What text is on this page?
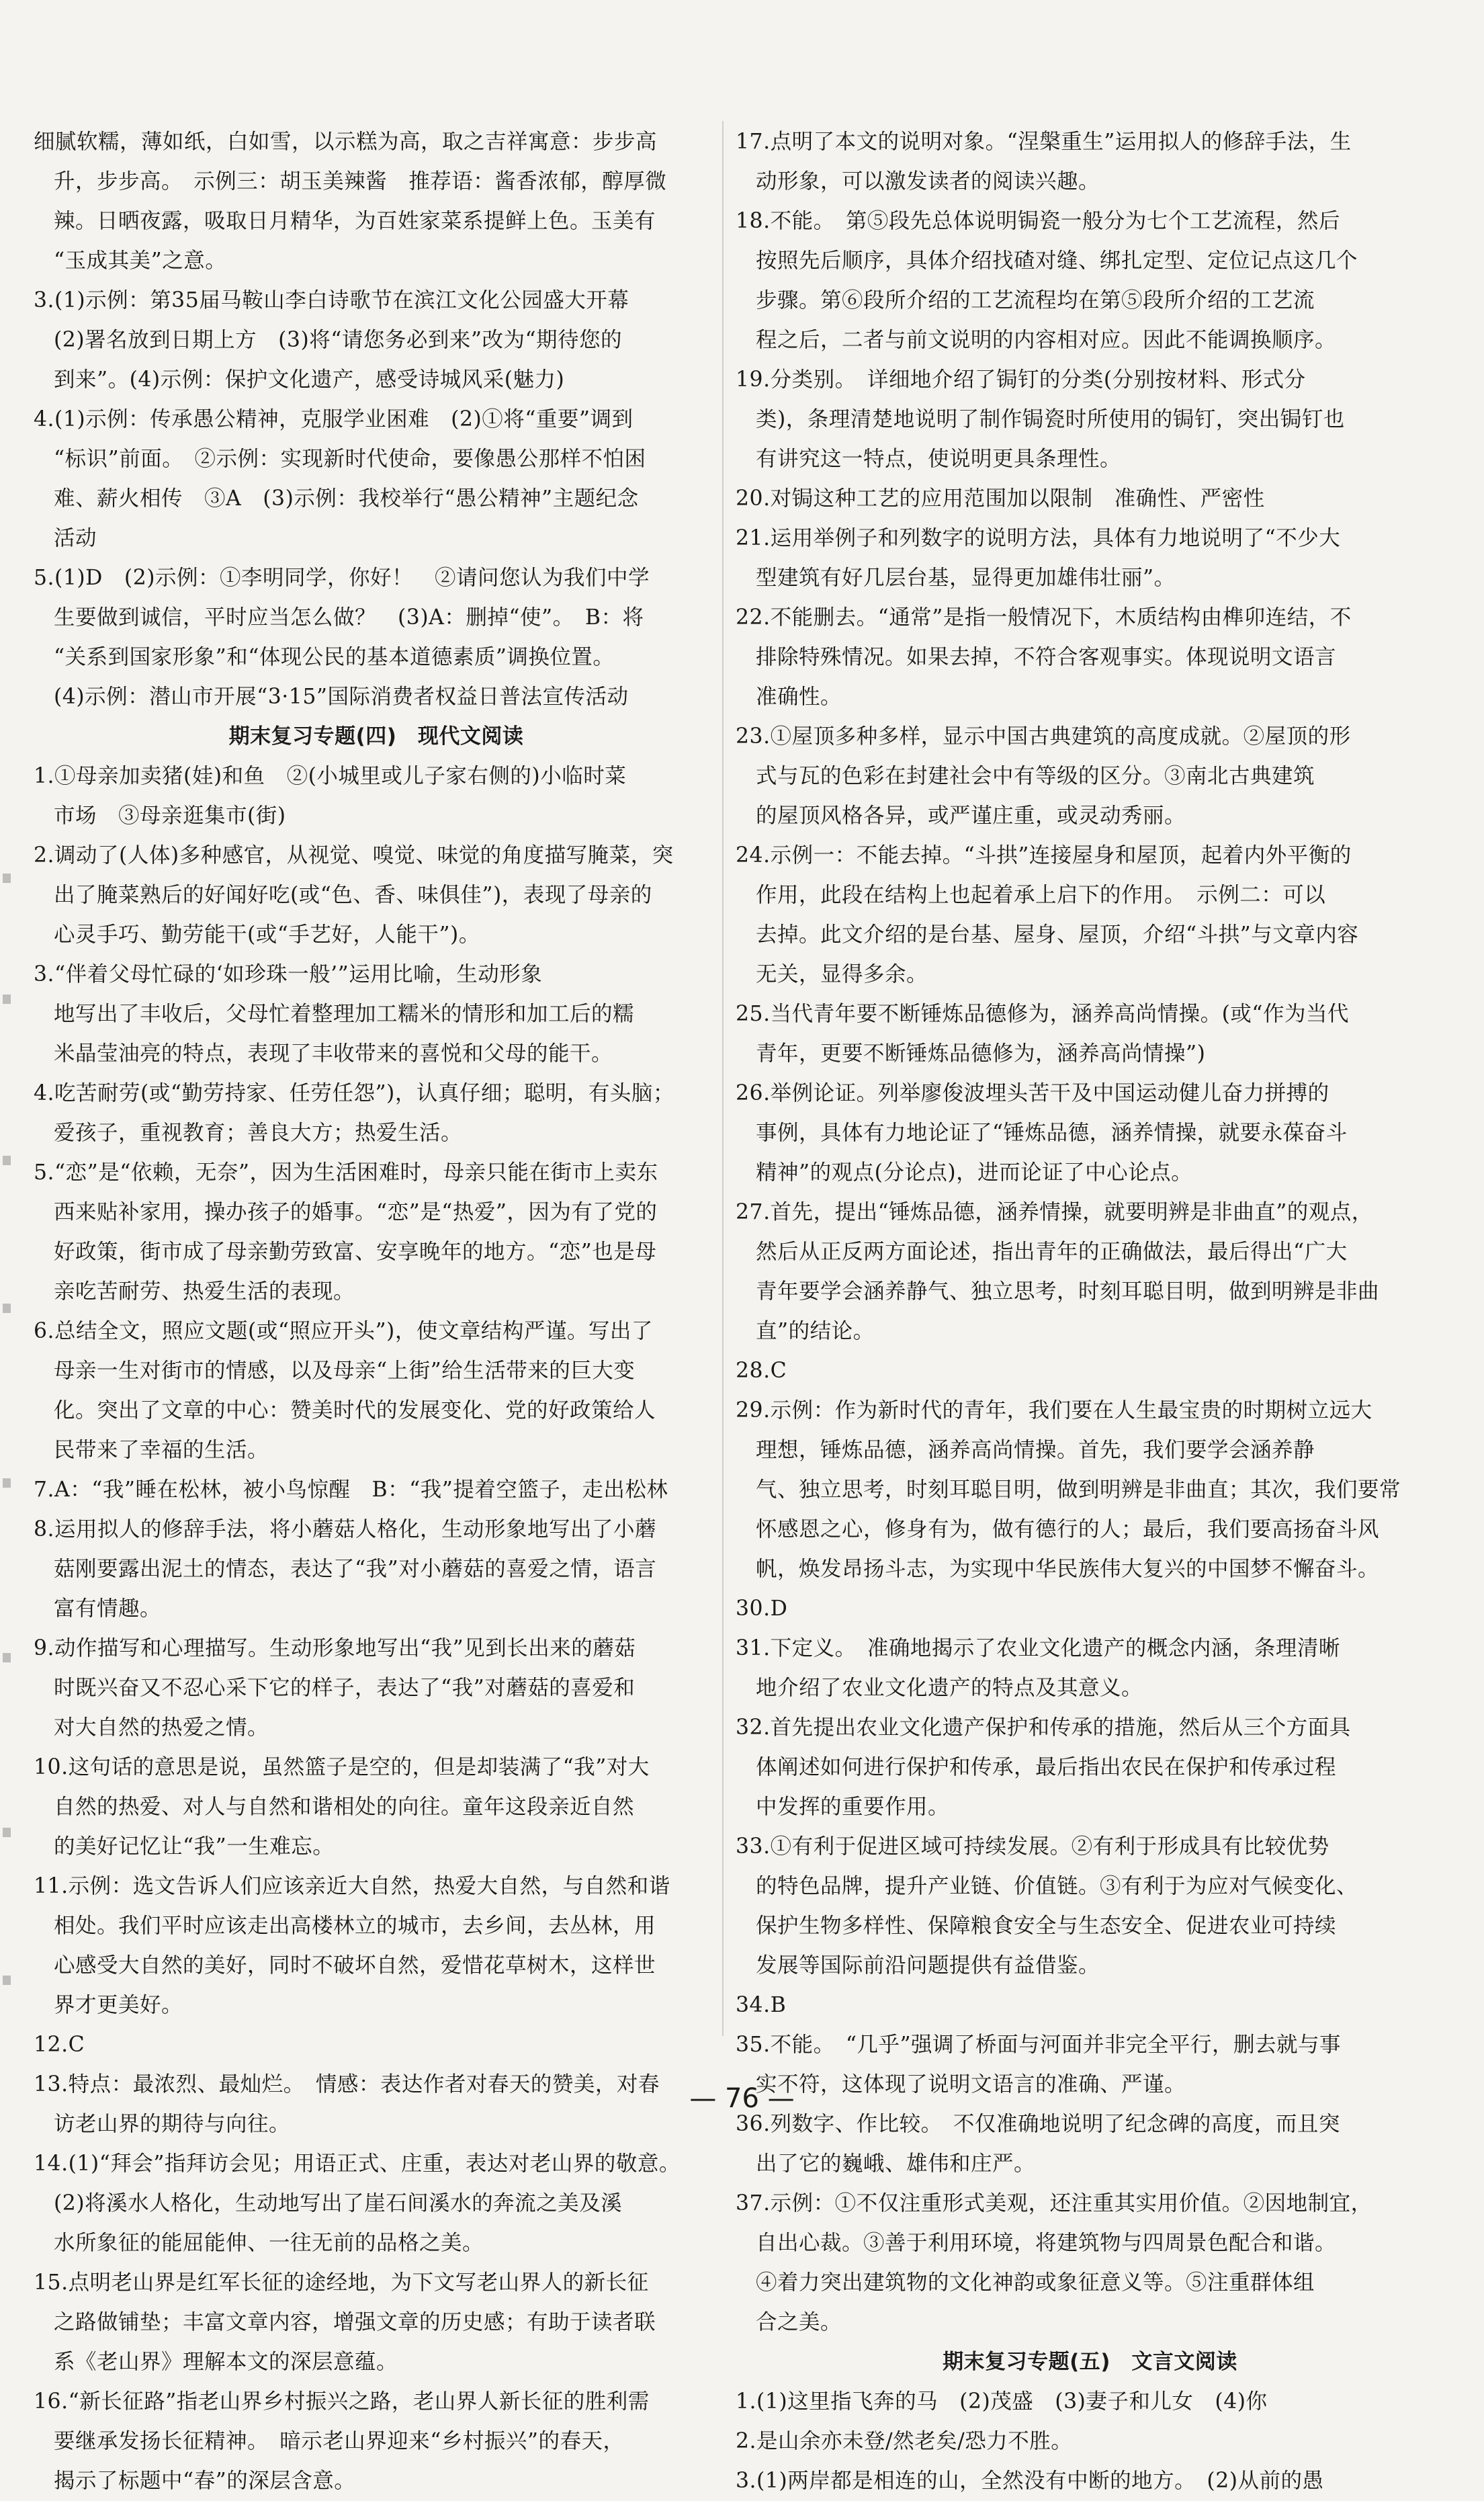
细腻软糯，薄如纸，白如雪，以示糕为高，取之吉祥寓意：步步高
升，步步高。　示例三：胡玉美辣酱　推荐语：酱香浓郁，醇厚微
辣。日晒夜露，吸取日月精华，为百姓家菜系提鲜上色。玉美有
“玉成其美”之意。
3.(1)示例：第35届马鞍山李白诗歌节在滨江文化公园盛大开幕
(2)署名放到日期上方　(3)将“请您务必到来”改为“期待您的
到来”。(4)示例：保护文化遗产，感受诗城风采(魅力)
4.(1)示例：传承愚公精神，克服学业困难　(2)①将“重要”调到
“标识”前面。　②示例：实现新时代使命，要像愚公那样不怕困
难、薪火相传　③A　(3)示例：我校举行“愚公精神”主题纪念
活动
5.(1)D　(2)示例：①李明同学，你好！　②请问您认为我们中学
生要做到诚信，平时应当怎么做？　(3)A：删掉“使”。　B：将
“关系到国家形象”和“体现公民的基本道德素质”调换位置。
(4)示例：潜山市开展“3·15”国际消费者权益日普法宣传活动
期末复习专题(四)　现代文阅读
1.①母亲加卖猪(娃)和鱼　②(小城里或儿子家右侧的)小临时菜
市场　③母亲逛集市(街)
2.调动了(人体)多种感官，从视觉、嗅觉、味觉的角度描写腌菜，突
出了腌菜熟后的好闻好吃(或“色、香、味俱佳”)，表现了母亲的
心灵手巧、勤劳能干(或“手艺好，人能干”)。
3.“伴着父母忙碌的‘如珍珠一般’”运用比喻，生动形象
地写出了丰收后，父母忙着整理加工糯米的情形和加工后的糯
米晶莹油亮的特点，表现了丰收带来的喜悦和父母的能干。
4.吃苦耐劳(或“勤劳持家、任劳任怨”)，认真仔细；聪明，有头脑；
爱孩子，重视教育；善良大方；热爱生活。
5.“恋”是“依赖，无奈”，因为生活困难时，母亲只能在街市上卖东
西来贴补家用，操办孩子的婚事。“恋”是“热爱”，因为有了党的
好政策，街市成了母亲勤劳致富、安享晚年的地方。“恋”也是母
亲吃苦耐劳、热爱生活的表现。
6.总结全文，照应文题(或“照应开头”)，使文章结构严谨。写出了
母亲一生对街市的情感，以及母亲“上街”给生活带来的巨大变
化。突出了文章的中心：赞美时代的发展变化、党的好政策给人
民带来了幸福的生活。
7.A：“我”睡在松林，被小鸟惊醒　B：“我”提着空篮子，走出松林
8.运用拟人的修辞手法，将小蘑菇人格化，生动形象地写出了小蘑
菇刚要露出泥土的情态，表达了“我”对小蘑菇的喜爱之情，语言
富有情趣。
9.动作描写和心理描写。生动形象地写出“我”见到长出来的蘑菇
时既兴奋又不忍心采下它的样子，表达了“我”对蘑菇的喜爱和
对大自然的热爱之情。
10.这句话的意思是说，虽然篮子是空的，但是却装满了“我”对大
自然的热爱、对人与自然和谐相处的向往。童年这段亲近自然
的美好记忆让“我”一生难忘。
11.示例：选文告诉人们应该亲近大自然，热爱大自然，与自然和谐
相处。我们平时应该走出高楼林立的城市，去乡间，去丛林，用
心感受大自然的美好，同时不破坏自然，爱惜花草树木，这样世
界才更美好。
12.C
13.特点：最浓烈、最灿烂。　情感：表达作者对春天的赞美，对春
访老山界的期待与向往。
14.(1)“拜会”指拜访会见；用语正式、庄重，表达对老山界的敬意。
(2)将溪水人格化，生动地写出了崖石间溪水的奔流之美及溪
水所象征的能屈能伸、一往无前的品格之美。
15.点明老山界是红军长征的途经地，为下文写老山界人的新长征
之路做铺垫；丰富文章内容，增强文章的历史感；有助于读者联
系《老山界》理解本文的深层意蕴。
16.“新长征路”指老山界乡村振兴之路，老山界人新长征的胜利需
要继承发扬长征精神。　暗示老山界迎来“乡村振兴”的春天，
揭示了标题中“春”的深层含意。
17.点明了本文的说明对象。“涅槃重生”运用拟人的修辞手法，生
动形象，可以激发读者的阅读兴趣。
18.不能。　第⑤段先总体说明锔瓷一般分为七个工艺流程，然后
按照先后顺序，具体介绍找碴对缝、绑扎定型、定位记点这几个
步骤。第⑥段所介绍的工艺流程均在第⑤段所介绍的工艺流
程之后，二者与前文说明的内容相对应。因此不能调换顺序。
19.分类别。　详细地介绍了锔钉的分类(分别按材料、形式分
类)，条理清楚地说明了制作锔瓷时所使用的锔钉，突出锔钉也
有讲究这一特点，使说明更具条理性。
20.对锔这种工艺的应用范围加以限制　准确性、严密性
21.运用举例子和列数字的说明方法，具体有力地说明了“不少大
型建筑有好几层台基，显得更加雄伟壮丽”。
22.不能删去。“通常”是指一般情况下，木质结构由榫卯连结，不
排除特殊情况。如果去掉，不符合客观事实。体现说明文语言
准确性。
23.①屋顶多种多样，显示中国古典建筑的高度成就。②屋顶的形
式与瓦的色彩在封建社会中有等级的区分。③南北古典建筑
的屋顶风格各异，或严谨庄重，或灵动秀丽。
24.示例一：不能去掉。“斗拱”连接屋身和屋顶，起着内外平衡的
作用，此段在结构上也起着承上启下的作用。　示例二：可以
去掉。此文介绍的是台基、屋身、屋顶，介绍“斗拱”与文章内容
无关，显得多余。
25.当代青年要不断锤炼品德修为，涵养高尚情操。(或“作为当代
青年，更要不断锤炼品德修为，涵养高尚情操”)
26.举例论证。列举廖俊波埋头苦干及中国运动健儿奋力拼搏的
事例，具体有力地论证了“锤炼品德，涵养情操，就要永葆奋斗
精神”的观点(分论点)，进而论证了中心论点。
27.首先，提出“锤炼品德，涵养情操，就要明辨是非曲直”的观点，
然后从正反两方面论述，指出青年的正确做法，最后得出“广大
青年要学会涵养静气、独立思考，时刻耳聪目明，做到明辨是非曲
直”的结论。
28.C
29.示例：作为新时代的青年，我们要在人生最宝贵的时期树立远大
理想，锤炼品德，涵养高尚情操。首先，我们要学会涵养静
气、独立思考，时刻耳聪目明，做到明辨是非曲直；其次，我们要常
怀感恩之心，修身有为，做有德行的人；最后，我们要高扬奋斗风
帆，焕发昂扬斗志，为实现中华民族伟大复兴的中国梦不懈奋斗。
30.D
31.下定义。　准确地揭示了农业文化遗产的概念内涵，条理清晰
地介绍了农业文化遗产的特点及其意义。
32.首先提出农业文化遗产保护和传承的措施，然后从三个方面具
体阐述如何进行保护和传承，最后指出农民在保护和传承过程
中发挥的重要作用。
33.①有利于促进区域可持续发展。②有利于形成具有比较优势
的特色品牌，提升产业链、价值链。③有利于为应对气候变化、
保护生物多样性、保障粮食安全与生态安全、促进农业可持续
发展等国际前沿问题提供有益借鉴。
34.B
35.不能。　“几乎”强调了桥面与河面并非完全平行，删去就与事
实不符，这体现了说明文语言的准确、严谨。
36.列数字、作比较。　不仅准确地说明了纪念碑的高度，而且突
出了它的巍峨、雄伟和庄严。
37.示例：①不仅注重形式美观，还注重其实用价值。②因地制宜，
自出心裁。③善于利用环境，将建筑物与四周景色配合和谐。
④着力突出建筑物的文化神韵或象征意义等。⑤注重群体组
合之美。
期末复习专题(五)　文言文阅读
1.(1)这里指飞奔的马　(2)茂盛　(3)妻子和儿女　(4)你
2.是山余亦未登/然老矣/恐力不胜。
3.(1)两岸都是相连的山，全然没有中断的地方。　(2)从前的愚
— 76 —
